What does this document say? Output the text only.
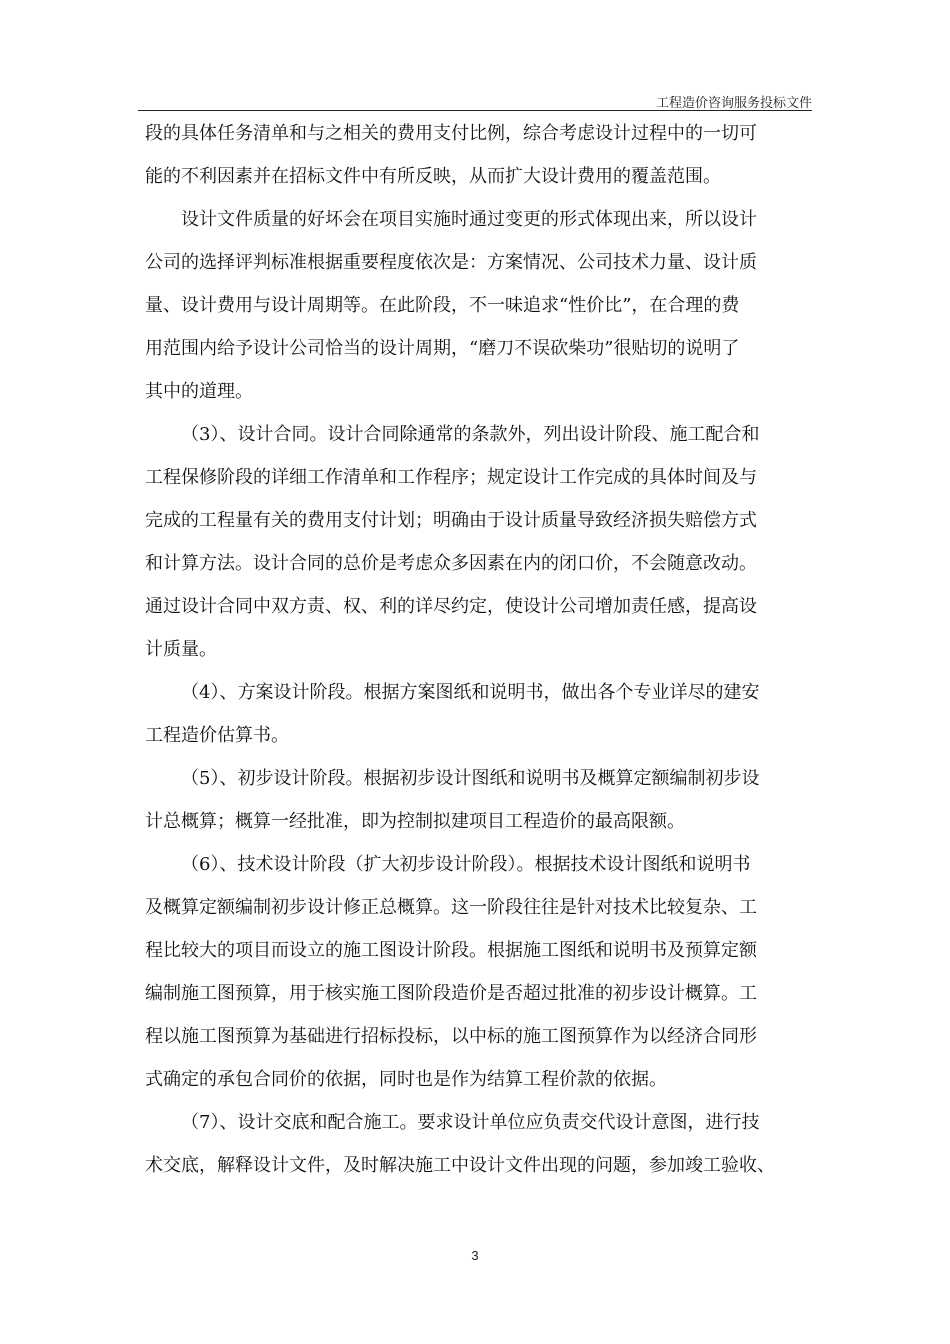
工程造价咨询服务投标文件
段的具体任务清单和与之相关的费用支付比例，综合考虑设计过程中的一切可
能的不利因素并在招标文件中有所反映，从而扩大设计费用的覆盖范围。
设计文件质量的好坏会在项目实施时通过变更的形式体现出来，所以设计
公司的选择评判标准根据重要程度依次是：方案情况、公司技术力量、设计质
量、设计费用与设计周期等。在此阶段，不一味追求“性价比”，在合理的费
用范围内给予设计公司恰当的设计周期，“磨刀不误砍柴功”很贴切的说明了
其中的道理。
（3）、设计合同。设计合同除通常的条款外，列出设计阶段、施工配合和
工程保修阶段的详细工作清单和工作程序；规定设计工作完成的具体时间及与
完成的工程量有关的费用支付计划；明确由于设计质量导致经济损失赔偿方式
和计算方法。设计合同的总价是考虑众多因素在内的闭口价，不会随意改动。
通过设计合同中双方责、权、利的详尽约定，使设计公司增加责任感，提高设
计质量。
（4）、方案设计阶段。根据方案图纸和说明书，做出各个专业详尽的建安
工程造价估算书。
（5）、初步设计阶段。根据初步设计图纸和说明书及概算定额编制初步设
计总概算；概算一经批准，即为控制拟建项目工程造价的最高限额。
（6）、技术设计阶段（扩大初步设计阶段）。根据技术设计图纸和说明书
及概算定额编制初步设计修正总概算。这一阶段往往是针对技术比较复杂、工
程比较大的项目而设立的施工图设计阶段。根据施工图纸和说明书及预算定额
编制施工图预算，用于核实施工图阶段造价是否超过批准的初步设计概算。工
程以施工图预算为基础进行招标投标，以中标的施工图预算作为以经济合同形
式确定的承包合同价的依据，同时也是作为结算工程价款的依据。
（7）、设计交底和配合施工。要求设计单位应负责交代设计意图，进行技
术交底，解释设计文件，及时解决施工中设计文件出现的问题，参加竣工验收、
3
